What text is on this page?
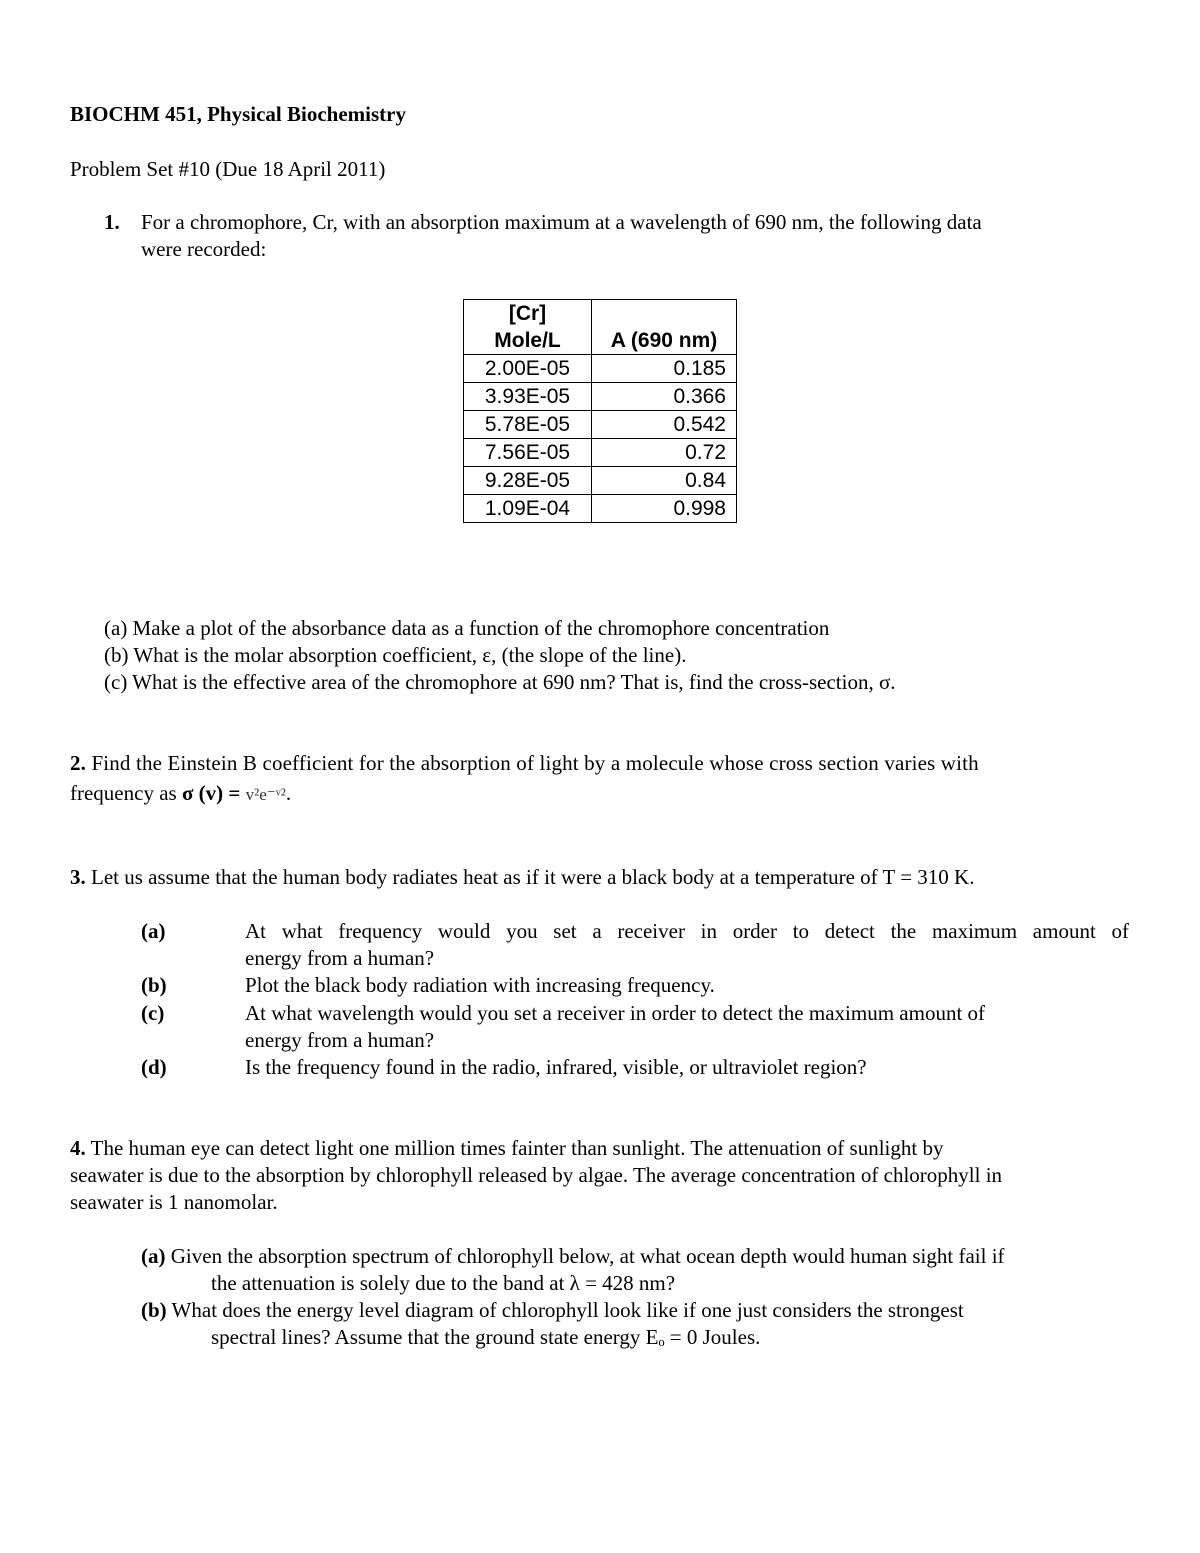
BIOCHM 451, Physical Biochemistry
Problem Set #10 (Due 18 April 2011)
1. For a chromophore, Cr, with an absorption maximum at a wavelength of 690 nm, the following data
were recorded:
[Cr]
Mole/L	A (690 nm)
2.00E-05	0.185
3.93E-05	0.366
5.78E-05	0.542
7.56E-05	0.72
9.28E-05	0.84
1.09E-04	0.998
(a) Make a plot of the absorbance data as a function of the chromophore concentration
(b) What is the molar absorption coefficient, ε, (the slope of the line).
(c) What is the effective area of the chromophore at 690 nm? That is, find the cross-section, σ.
2. Find the Einstein B coefficient for the absorption of light by a molecule whose cross section varies with
frequency as σ (v) = v²e⁻ᵛ².
3. Let us assume that the human body radiates heat as if it were a black body at a temperature of T = 310 K.
(a)	At what frequency would you set a receiver in order to detect the maximum amount of
energy from a human?
(b)	Plot the black body radiation with increasing frequency.
(c)	At what wavelength would you set a receiver in order to detect the maximum amount of
energy from a human?
(d)	Is the frequency found in the radio, infrared, visible, or ultraviolet region?
4. The human eye can detect light one million times fainter than sunlight. The attenuation of sunlight by
seawater is due to the absorption by chlorophyll released by algae. The average concentration of chlorophyll in
seawater is 1 nanomolar.
(a) Given the absorption spectrum of chlorophyll below, at what ocean depth would human sight fail if
the attenuation is solely due to the band at λ = 428 nm?
(b) What does the energy level diagram of chlorophyll look like if one just considers the strongest
spectral lines? Assume that the ground state energy Eₒ = 0 Joules.
